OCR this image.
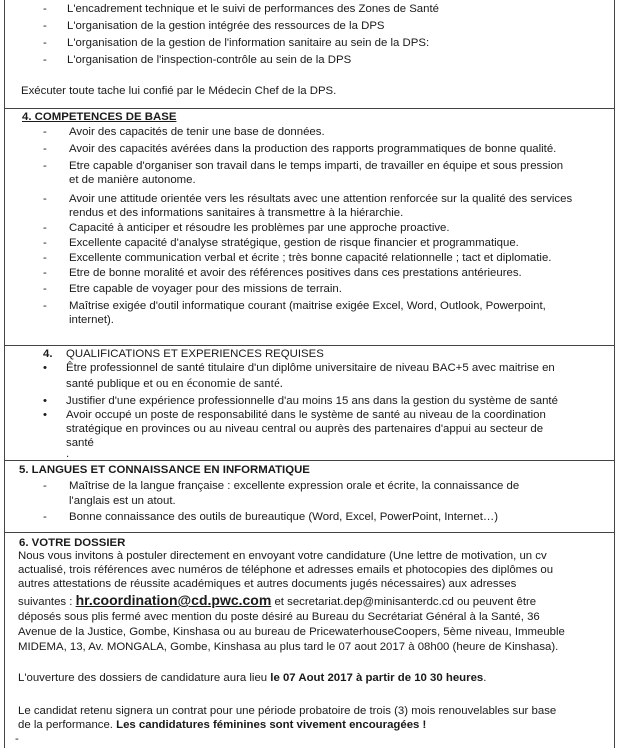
- L'encadrement technique et le suivi de performances des Zones de Santé
- L'organisation de la gestion intégrée des ressources de la DPS
- L'organisation de la gestion de l'information sanitaire au sein de la DPS:
- L'organisation de l'inspection-contrôle au sein de la DPS
Exécuter toute tache lui confié par le Médecin Chef de la DPS.
4. COMPETENCES DE BASE
- Avoir des capacités de tenir une base de données.
- Avoir des capacités avérées dans la production des rapports programmatiques de bonne qualité.
- Etre capable d'organiser son travail dans le temps imparti, de travailler en équipe et sous pression
et de manière autonome.
- Avoir une attitude orientée vers les résultats avec une attention renforcée sur la qualité des services
rendus et des informations sanitaires à transmettre à la hiérarchie.
- Capacité à anticiper et résoudre les problèmes par une approche proactive.
- Excellente capacité d'analyse stratégique, gestion de risque financier et programmatique.
- Excellente communication verbal et écrite ; très bonne capacité relationnelle ; tact et diplomatie.
- Etre de bonne moralité et avoir des références positives dans ces prestations antérieures.
- Etre capable de voyager pour des missions de terrain.
- Maîtrise exigée d'outil informatique courant (maitrise exigée Excel, Word, Outlook, Powerpoint,
internet).
4. QUALIFICATIONS ET EXPERIENCES REQUISES
• Être professionnel de santé titulaire d'un diplôme universitaire de niveau BAC+5 avec maitrise en
santé publique et ou en économie de santé.
• Justifier d'une expérience professionnelle d'au moins 15 ans dans la gestion du système de santé
• Avoir occupé un poste de responsabilité dans le système de santé au niveau de la coordination
stratégique en provinces ou au niveau central ou auprès des partenaires d'appui au secteur de
santé
.
5. LANGUES ET CONNAISSANCE EN INFORMATIQUE
- Maîtrise de la langue française : excellente expression orale et écrite, la connaissance de
l'anglais est un atout.
- Bonne connaissance des outils de bureautique (Word, Excel, PowerPoint, Internet…)
6. VOTRE DOSSIER
Nous vous invitons à postuler directement en envoyant votre candidature (Une lettre de motivation, un cv
actualisé, trois références avec numéros de téléphone et adresses emails et photocopies des diplômes ou
autres attestations de réussite académiques et autres documents jugés nécessaires) aux adresses
suivantes : hr.coordination@cd.pwc.com et secretariat.dep@minisanterdc.cd ou peuvent être
déposés sous plis fermé avec mention du poste désiré au Bureau du Secrétariat Général à la Santé, 36
Avenue de la Justice, Gombe, Kinshasa ou au bureau de PricewaterhouseCoopers, 5ème niveau, Immeuble
MIDEMA, 13, Av. MONGALA, Gombe, Kinshasa au plus tard le 07 aout 2017 à 08h00 (heure de Kinshasa).
L'ouverture des dossiers de candidature aura lieu le 07 Aout 2017 à partir de 10 30 heures.
Le candidat retenu signera un contrat pour une période probatoire de trois (3) mois renouvelables sur base
de la performance. Les candidatures féminines sont vivement encouragées !
-
